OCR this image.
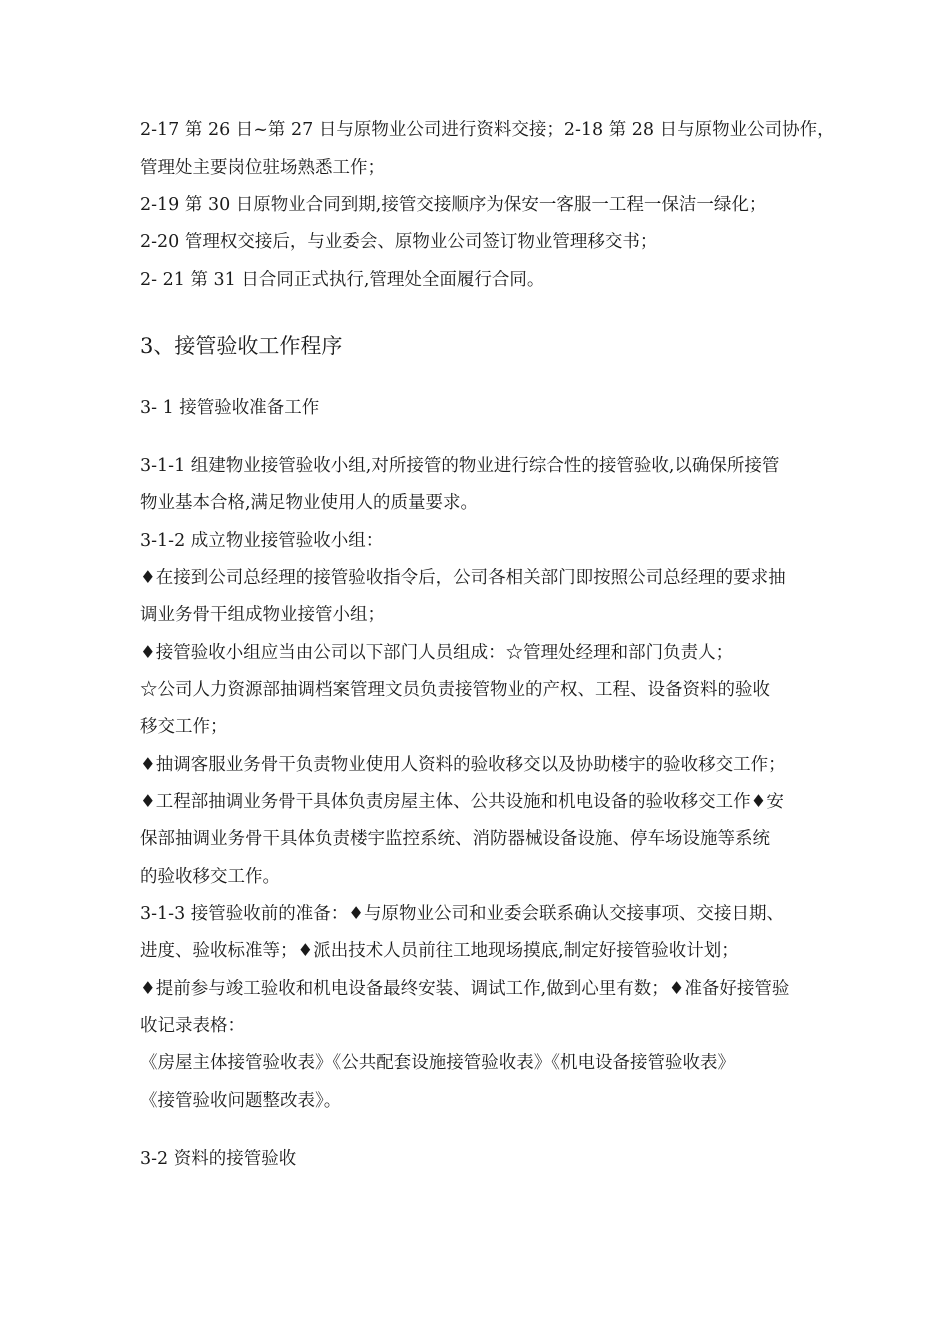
2-17 第 26 日~第 27 日与原物业公司进行资料交接；2-18 第 28 日与原物业公司协作，
管理处主要岗位驻场熟悉工作；
2-19 第 30 日原物业合同到期,接管交接顺序为保安一客服一工程一保洁一绿化；
2-20 管理权交接后，与业委会、原物业公司签订物业管理移交书；
2- 21 第 31 日合同正式执行,管理处全面履行合同。
3、接管验收工作程序
3- 1 接管验收准备工作
3-1-1 组建物业接管验收小组,对所接管的物业进行综合性的接管验收,以确保所接管
物业基本合格,满足物业使用人的质量要求。
3-1-2 成立物业接管验收小组：
♦在接到公司总经理的接管验收指令后，公司各相关部门即按照公司总经理的要求抽
调业务骨干组成物业接管小组；
♦接管验收小组应当由公司以下部门人员组成：☆管理处经理和部门负责人；
☆公司人力资源部抽调档案管理文员负责接管物业的产权、工程、设备资料的验收
移交工作；
♦抽调客服业务骨干负责物业使用人资料的验收移交以及协助楼宇的验收移交工作；
♦工程部抽调业务骨干具体负责房屋主体、公共设施和机电设备的验收移交工作♦安
保部抽调业务骨干具体负责楼宇监控系统、消防器械设备设施、停车场设施等系统
的验收移交工作。
3-1-3 接管验收前的准备：♦与原物业公司和业委会联系确认交接事项、交接日期、
进度、验收标准等；♦派出技术人员前往工地现场摸底,制定好接管验收计划；
♦提前参与竣工验收和机电设备最终安装、调试工作,做到心里有数；♦准备好接管验
收记录表格：
《房屋主体接管验收表》《公共配套设施接管验收表》《机电设备接管验收表》
《接管验收问题整改表》。
3-2 资料的接管验收
